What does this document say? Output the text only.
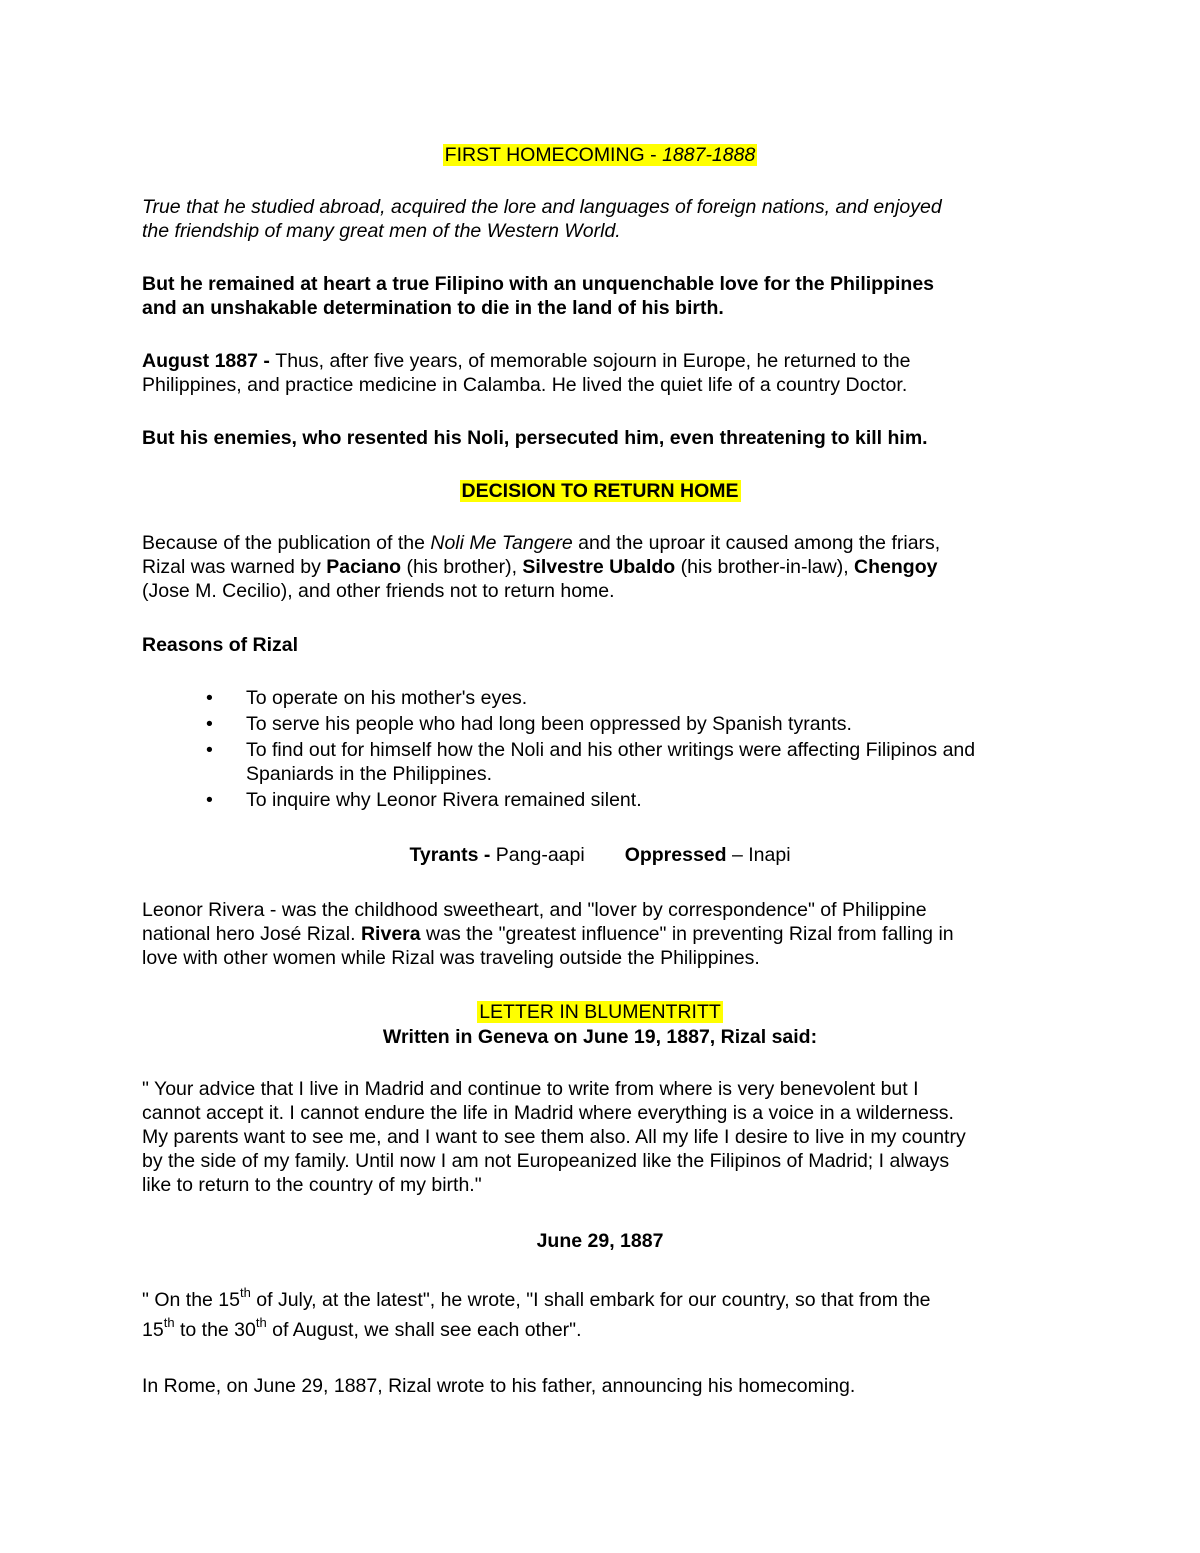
FIRST HOMECOMING - 1887-1888

True that he studied abroad, acquired the lore and languages of foreign nations, and enjoyed
the friendship of many great men of the Western World.

But he remained at heart a true Filipino with an unquenchable love for the Philippines
and an unshakable determination to die in the land of his birth.

August 1887 - Thus, after five years, of memorable sojourn in Europe, he returned to the
Philippines, and practice medicine in Calamba. He lived the quiet life of a country Doctor.

But his enemies, who resented his Noli, persecuted him, even threatening to kill him.

DECISION TO RETURN HOME

Because of the publication of the Noli Me Tangere and the uproar it caused among the friars,
Rizal was warned by Paciano (his brother), Silvestre Ubaldo (his brother-in-law), Chengoy
(Jose M. Cecilio), and other friends not to return home.

Reasons of Rizal

• To operate on his mother's eyes.
• To serve his people who had long been oppressed by Spanish tyrants.
• To find out for himself how the Noli and his other writings were affecting Filipinos and Spaniards in the Philippines.
• To inquire why Leonor Rivera remained silent.

Tyrants - Pang-aapi Oppressed – Inapi

Leonor Rivera - was the childhood sweetheart, and "lover by correspondence" of Philippine
national hero José Rizal. Rivera was the "greatest influence" in preventing Rizal from falling in
love with other women while Rizal was traveling outside the Philippines.

LETTER IN BLUMENTRITT

Written in Geneva on June 19, 1887, Rizal said:

" Your advice that I live in Madrid and continue to write from where is very benevolent but I
cannot accept it. I cannot endure the life in Madrid where everything is a voice in a wilderness.
My parents want to see me, and I want to see them also. All my life I desire to live in my country
by the side of my family. Until now I am not Europeanized like the Filipinos of Madrid; I always
like to return to the country of my birth."

June 29, 1887

" On the 15th of July, at the latest", he wrote, "I shall embark for our country, so that from the
15th to the 30th of August, we shall see each other".

In Rome, on June 29, 1887, Rizal wrote to his father, announcing his homecoming.
